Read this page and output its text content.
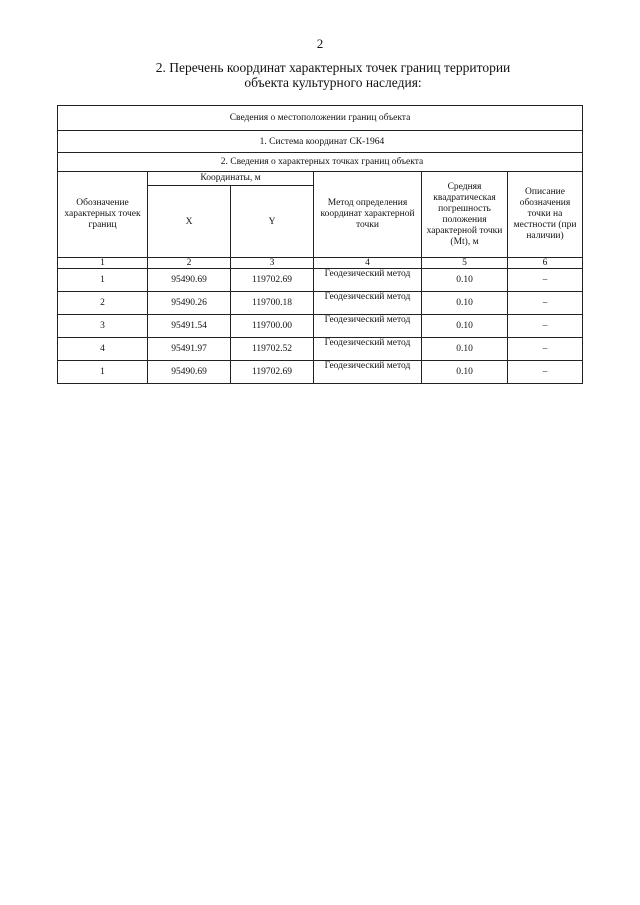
2
2. Перечень координат характерных точек границ территории
объекта культурного наследия:
Сведения о местоположении границ объекта					
1. Система координат СК-1964					
2. Сведения о характерных точках границ объекта					
Обозначение характерных точек границ	Координаты, м		Метод определения координат характерной точки	Средняя квадратическая погрешность положения характерной точки (Mt), м	Описание обозначения точки на местности (при наличии)
	X	Y			
1	2	3	4	5	6
1	95490.69	119702.69	Геодезический метод	0.10	–
2	95490.26	119700.18	Геодезический метод	0.10	–
3	95491.54	119700.00	Геодезический метод	0.10	–
4	95491.97	119702.52	Геодезический метод	0.10	–
1	95490.69	119702.69	Геодезический метод	0.10	–
